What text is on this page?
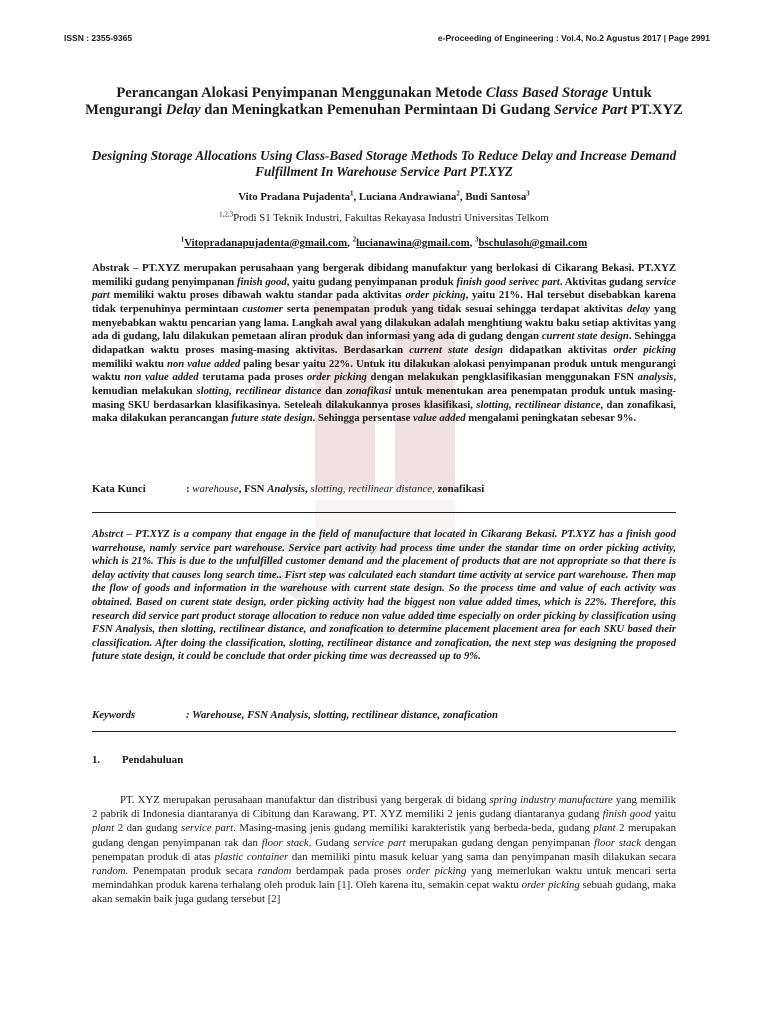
ISSN : 2355-9365	e-Proceeding of Engineering : Vol.4, No.2 Agustus 2017 | Page 2991
Perancangan Alokasi Penyimpanan Menggunakan Metode Class Based Storage Untuk Mengurangi Delay dan Meningkatkan Pemenuhan Permintaan Di Gudang Service Part PT.XYZ
Designing Storage Allocations Using Class-Based Storage Methods To Reduce Delay and Increase Demand Fulfillment In Warehouse Service Part PT.XYZ
Vito Pradana Pujadenta$^1$, Luciana Andrawiana$^2$, Budi Santosa$^3$
$^{1,2,3}$Prodi S1 Teknik Industri, Fakultas Rekayasa Industri Universitas Telkom
$^1$Vitopradanapujadenta@gmail.com, $^2$lucianawina@gmail.com, $^3$bschulasoh@gmail.com
Abstrak – PT.XYZ merupakan perusahaan yang bergerak dibidang manufaktur yang berlokasi di Cikarang Bekasi. PT.XYZ memiliki gudang penyimpanan finish good, yaitu gudang penyimpanan produk finish good serivec part. Aktivitas gudang service part memiliki waktu proses dibawah waktu standar pada aktivitas order picking, yaitu 21%. Hal tersebut disebabkan karena tidak terpenuhinya permintaan customer serta penempatan produk yang tidak sesuai sehingga terdapat aktivitas delay yang menyebabkan waktu pencarian yang lama. Langkah awal yang dilakukan adalah menghtiung waktu baku setiap aktivitas yang ada di gudang, lalu dilakukan pemetaan aliran produk dan informasi yang ada di gudang dengan current state design. Sehingga didapatkan waktu proses masing-masing aktivitas. Berdasarkan current state design didapatkan aktivitas order picking memiliki waktu non value added paling besar yaitu 22%. Untuk itu dilakukan alokasi penyimpanan produk untuk mengurangi waktu non value added terutama pada proses order picking dengan melakukan pengklasifikasian menggunakan FSN analysis, kemudian melakukan slotting, rectilinear distance dan zonafikasi untuk menentukan area penempatan produk untuk masing-masing SKU berdasarkan klasifikasinya. Seteleah dilakukannya proses klasifikasi, slotting, rectilinear distance, dan zonafikasi, maka dilakukan perancangan future state design. Sehingga persentase value added mengalami peningkatan sebesar 9%.
Kata Kunci	: warehouse, FSN Analysis, slotting, rectilinear distance, zonafikasi
Abstrct – PT.XYZ is a company that engage in the field of manufacture that located in Cikarang Bekasi. PT.XYZ has a finish good warrehouse, namly service part warehouse. Service part activity had process time under the standar time on order picking activity, which is 21%. This is due to the unfulfilled customer demand and the placement of products that are not appropriate so that there is delay activity that causes long search time.. Fisrt step was calculated each standart time activity at service part warehouse. Then map the flow of goods and information in the warehouse with current state design. So the process time and value of each activity was obtained. Based on curent state design, order picking activity had the biggest non value added times, which is 22%. Therefore, this research did service part product storage allocation to reduce non value added time especially on order picking by classification using FSN Analysis, then slotting, rectilinear distance, and zonafication to determine placement placement area for each SKU based their classification. After doing the classification, slotting, rectilinear distance and zonafication, the next step was designing the proposed future state design, it could be conclude that order picking time was decreassed up to 9%.
Keywords	: Warehouse, FSN Analysis, slotting, rectilinear distance, zonafication
1. Pendahuluan
PT. XYZ merupakan perusahaan manufaktur dan distribusi yang bergerak di bidang spring industry manufacture yang memilik 2 pabrik di Indonesia diantaranya di Cibitung dan Karawang. PT. XYZ memiliki 2 jenis gudang diantaranya gudang finish good yaitu plant 2 dan gudang service part. Masing-masing jenis gudang memiliki karakteristik yang berbeda-beda, gudang plant 2 merupakan gudang dengan penyimpanan rak dan floor stack. Gudang service part merupakan gudang dengan penyimpanan floor stack dengan penempatan produk di atas plastic container dan memiliki pintu masuk keluar yang sama dan penyimpanan masih dilakukan secara random. Penempatan produk secara random berdampak pada proses order picking yang memerlukan waktu untuk mencari serta memindahkan produk karena terhalang oleh produk lain [1]. Oleh karena itu, semakin cepat waktu order picking sebuah gudang, maka akan semakin baik juga gudang tersebut [2]
